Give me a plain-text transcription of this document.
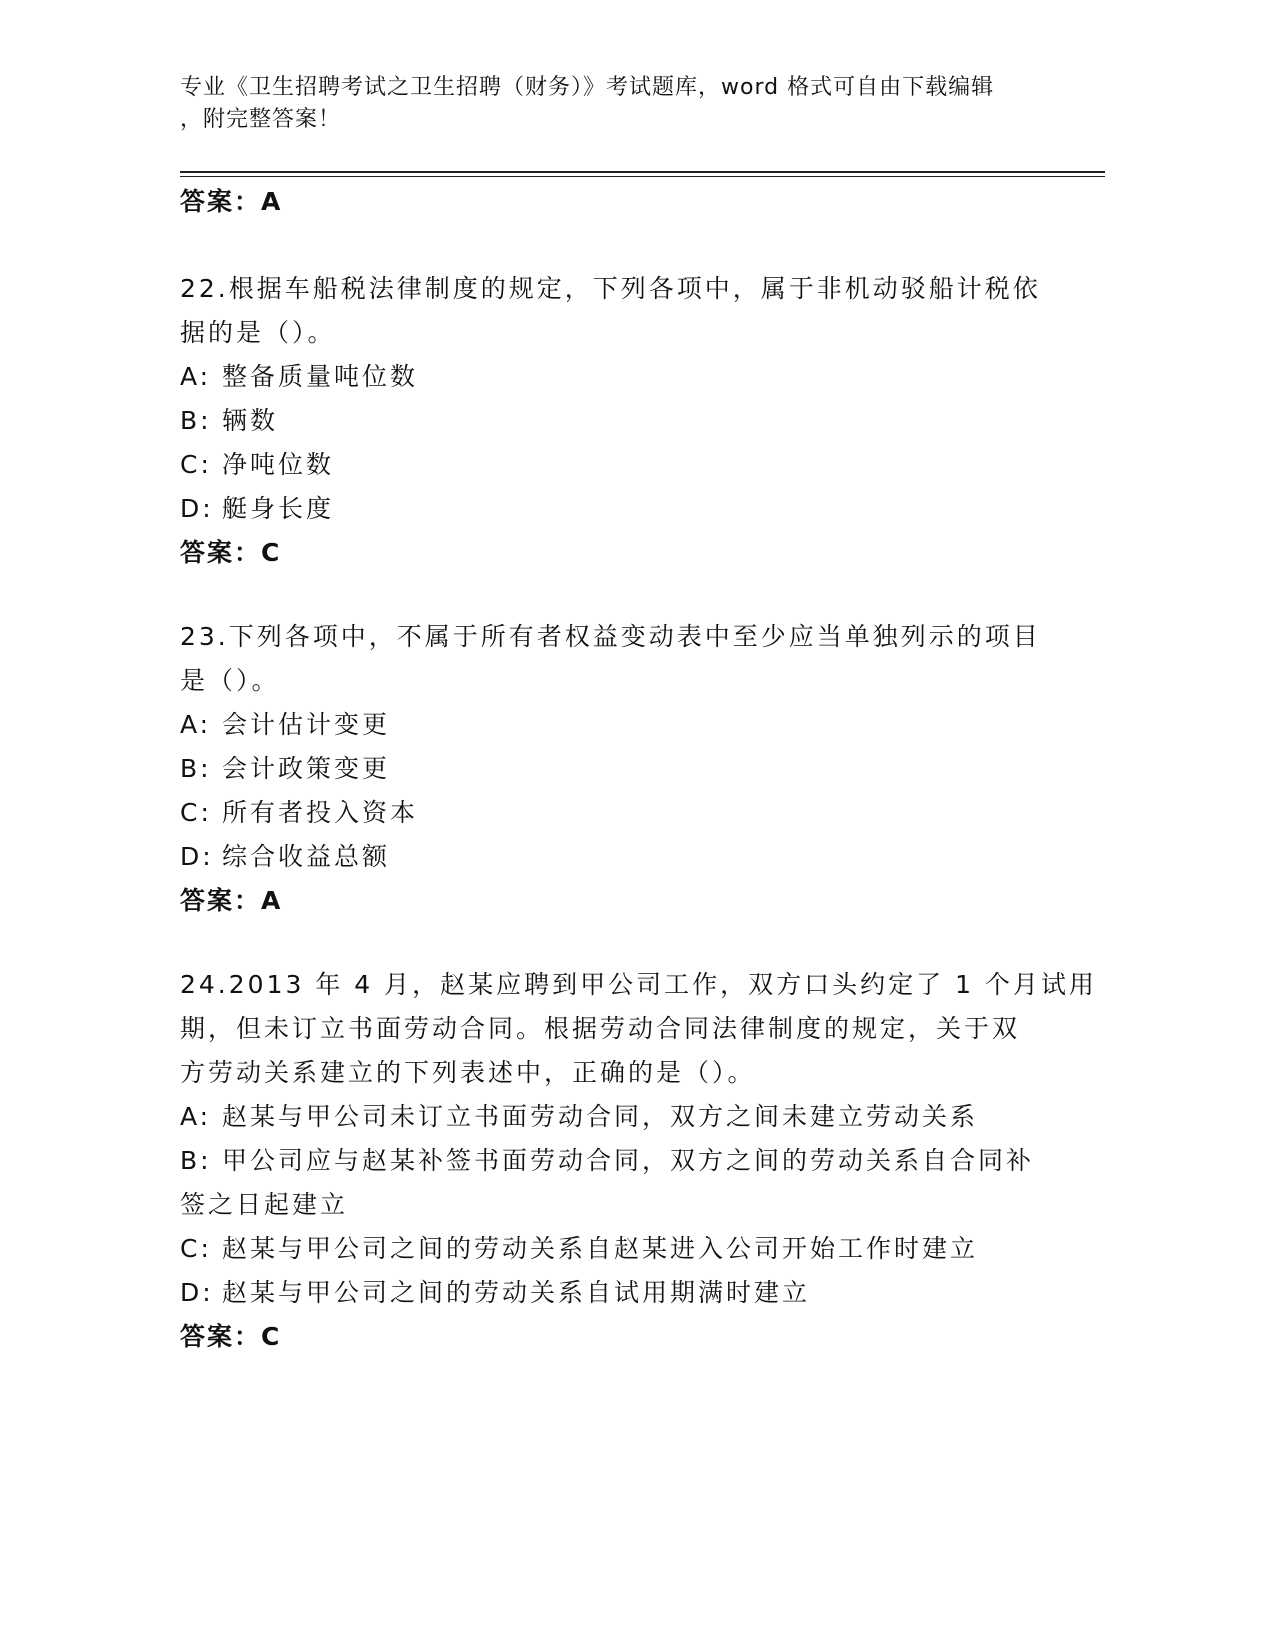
专业《卫生招聘考试之卫生招聘（财务）》考试题库，word 格式可自由下载编辑
，附完整答案！
答案：A
22.根据车船税法律制度的规定，下列各项中，属于非机动驳船计税依
据的是（）。
A: 整备质量吨位数
B: 辆数
C: 净吨位数
D: 艇身长度
答案：C
23.下列各项中，不属于所有者权益变动表中至少应当单独列示的项目
是（）。
A: 会计估计变更
B: 会计政策变更
C: 所有者投入资本
D: 综合收益总额
答案：A
24.2013 年 4 月，赵某应聘到甲公司工作，双方口头约定了 1 个月试用
期，但未订立书面劳动合同。根据劳动合同法律制度的规定，关于双
方劳动关系建立的下列表述中，正确的是（）。
A: 赵某与甲公司未订立书面劳动合同，双方之间未建立劳动关系
B: 甲公司应与赵某补签书面劳动合同，双方之间的劳动关系自合同补
签之日起建立
C: 赵某与甲公司之间的劳动关系自赵某进入公司开始工作时建立
D: 赵某与甲公司之间的劳动关系自试用期满时建立
答案：C
